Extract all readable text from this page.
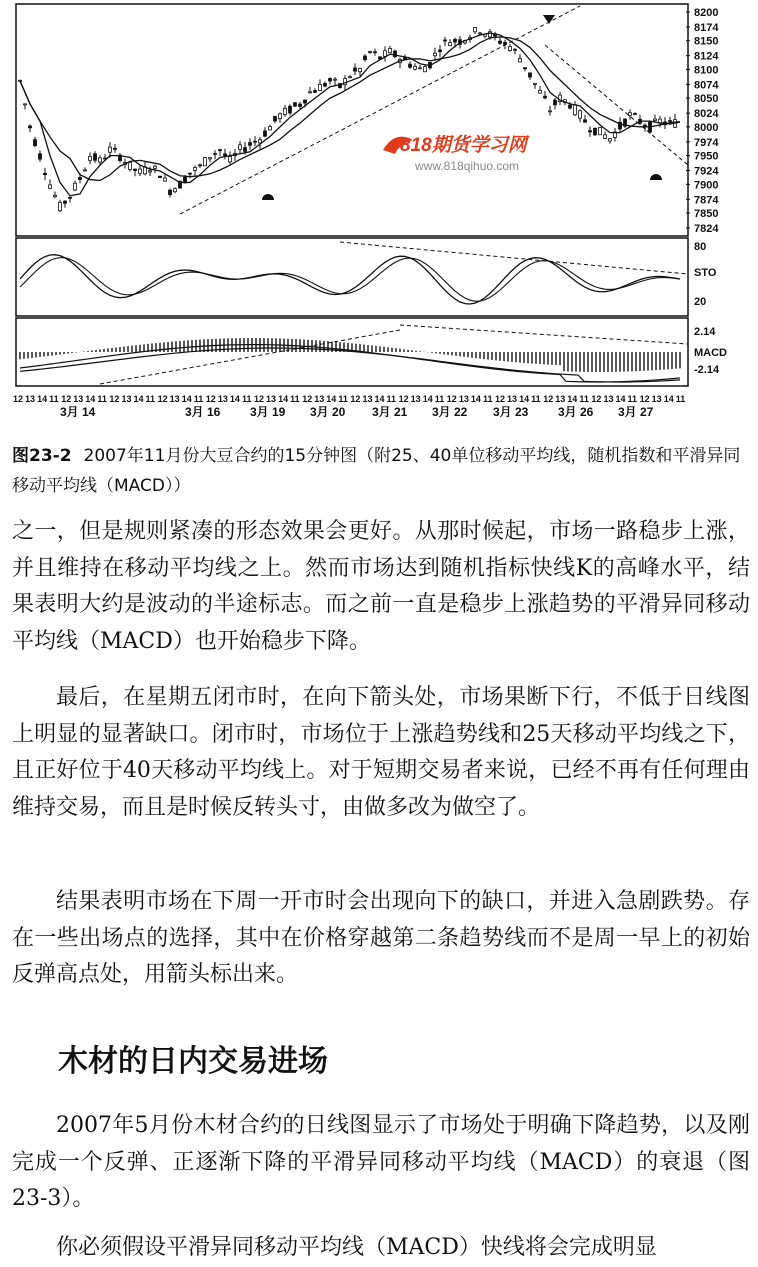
8200
8174
8150
8124
8100
8074
8050
8024
8000
7974
7950
7924
7900
7874
7850
7824
818期货学习网
www.818qihuo.com
80
STO
20
2.14
MACD
-2.14
12 13 14 11 12 13 14 11 12 13 14 11 12 13 14 11 12 13 14 11 12 13 14 11 12 13 14 11 12 13 14 11 12 13 14 11 12 13 14 11 12 13 14 11 12 13 14 11 12 13 14 11 12 13 14 11
3月 14	3月 16 3月 19 3月 20 3月 21 3月 22 3月 23 3月 26 3月 27
图23-2 2007年11月份大豆合约的15分钟图（附25、40单位移动平均线，随机指数和平滑异同移动平均线（MACD））

之一，但是规则紧凑的形态效果会更好。从那时候起，市场一路稳步上涨，并且维持在移动平均线之上。然而市场达到随机指标快线K的高峰水平，结果表明大约是波动的半途标志。而之前一直是稳步上涨趋势的平滑异同移动平均线（MACD）也开始稳步下降。

最后，在星期五闭市时，在向下箭头处，市场果断下行，不低于日线图上明显的显著缺口。闭市时，市场位于上涨趋势线和25天移动平均线之下，且正好位于40天移动平均线上。对于短期交易者来说，已经不再有任何理由维持交易，而且是时候反转头寸，由做多改为做空了。

结果表明市场在下周一开市时会出现向下的缺口，并进入急剧跌势。存在一些出场点的选择，其中在价格穿越第二条趋势线而不是周一早上的初始反弹高点处，用箭头标出来。

木材的日内交易进场

2007年5月份木材合约的日线图显示了市场处于明确下降趋势，以及刚完成一个反弹、正逐渐下降的平滑异同移动平均线（MACD）的衰退（图23-3）。

你必须假设平滑异同移动平均线（MACD）快线将会完成明显
